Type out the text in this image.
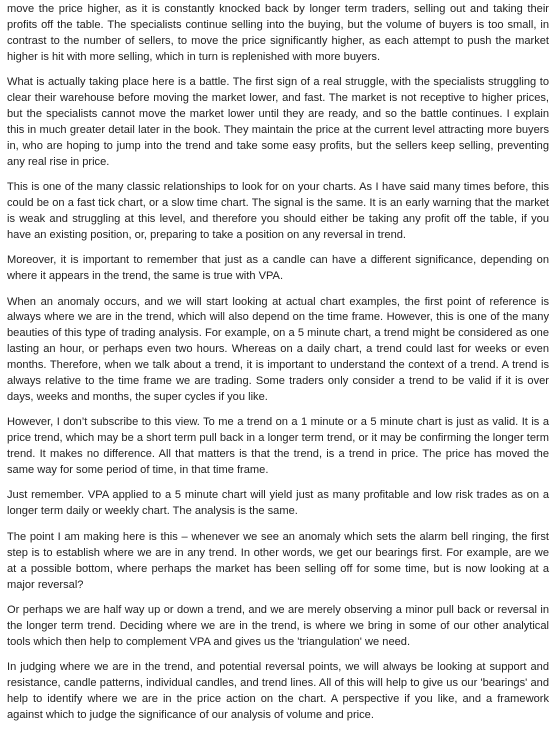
move the price higher, as it is constantly knocked back by longer term traders, selling out and taking their profits off the table. The specialists continue selling into the buying, but the volume of buyers is too small, in contrast to the number of sellers, to move the price significantly higher, as each attempt to push the market higher is hit with more selling, which in turn is replenished with more buyers.

What is actually taking place here is a battle. The first sign of a real struggle, with the specialists struggling to clear their warehouse before moving the market lower, and fast. The market is not receptive to higher prices, but the specialists cannot move the market lower until they are ready, and so the battle continues. I explain this in much greater detail later in the book. They maintain the price at the current level attracting more buyers in, who are hoping to jump into the trend and take some easy profits, but the sellers keep selling, preventing any real rise in price.

This is one of the many classic relationships to look for on your charts. As I have said many times before, this could be on a fast tick chart, or a slow time chart. The signal is the same. It is an early warning that the market is weak and struggling at this level, and therefore you should either be taking any profit off the table, if you have an existing position, or, preparing to take a position on any reversal in trend.

Moreover, it is important to remember that just as a candle can have a different significance, depending on where it appears in the trend, the same is true with VPA.

When an anomaly occurs, and we will start looking at actual chart examples, the first point of reference is always where we are in the trend, which will also depend on the time frame. However, this is one of the many beauties of this type of trading analysis. For example, on a 5 minute chart, a trend might be considered as one lasting an hour, or perhaps even two hours. Whereas on a daily chart, a trend could last for weeks or even months. Therefore, when we talk about a trend, it is important to understand the context of a trend. A trend is always relative to the time frame we are trading. Some traders only consider a trend to be valid if it is over days, weeks and months, the super cycles if you like.

However, I don’t subscribe to this view. To me a trend on a 1 minute or a 5 minute chart is just as valid. It is a price trend, which may be a short term pull back in a longer term trend, or it may be confirming the longer term trend. It makes no difference. All that matters is that the trend, is a trend in price. The price has moved the same way for some period of time, in that time frame.

Just remember. VPA applied to a 5 minute chart will yield just as many profitable and low risk trades as on a longer term daily or weekly chart. The analysis is the same.

The point I am making here is this – whenever we see an anomaly which sets the alarm bell ringing, the first step is to establish where we are in any trend. In other words, we get our bearings first. For example, are we at a possible bottom, where perhaps the market has been selling off for some time, but is now looking at a major reversal?

Or perhaps we are half way up or down a trend, and we are merely observing a minor pull back or reversal in the longer term trend. Deciding where we are in the trend, is where we bring in some of our other analytical tools which then help to complement VPA and gives us the 'triangulation' we need.

In judging where we are in the trend, and potential reversal points, we will always be looking at support and resistance, candle patterns, individual candles, and trend lines. All of this will help to give us our 'bearings' and help to identify where we are in the price action on the chart. A perspective if you like, and a framework against which to judge the significance of our analysis of volume and price.
